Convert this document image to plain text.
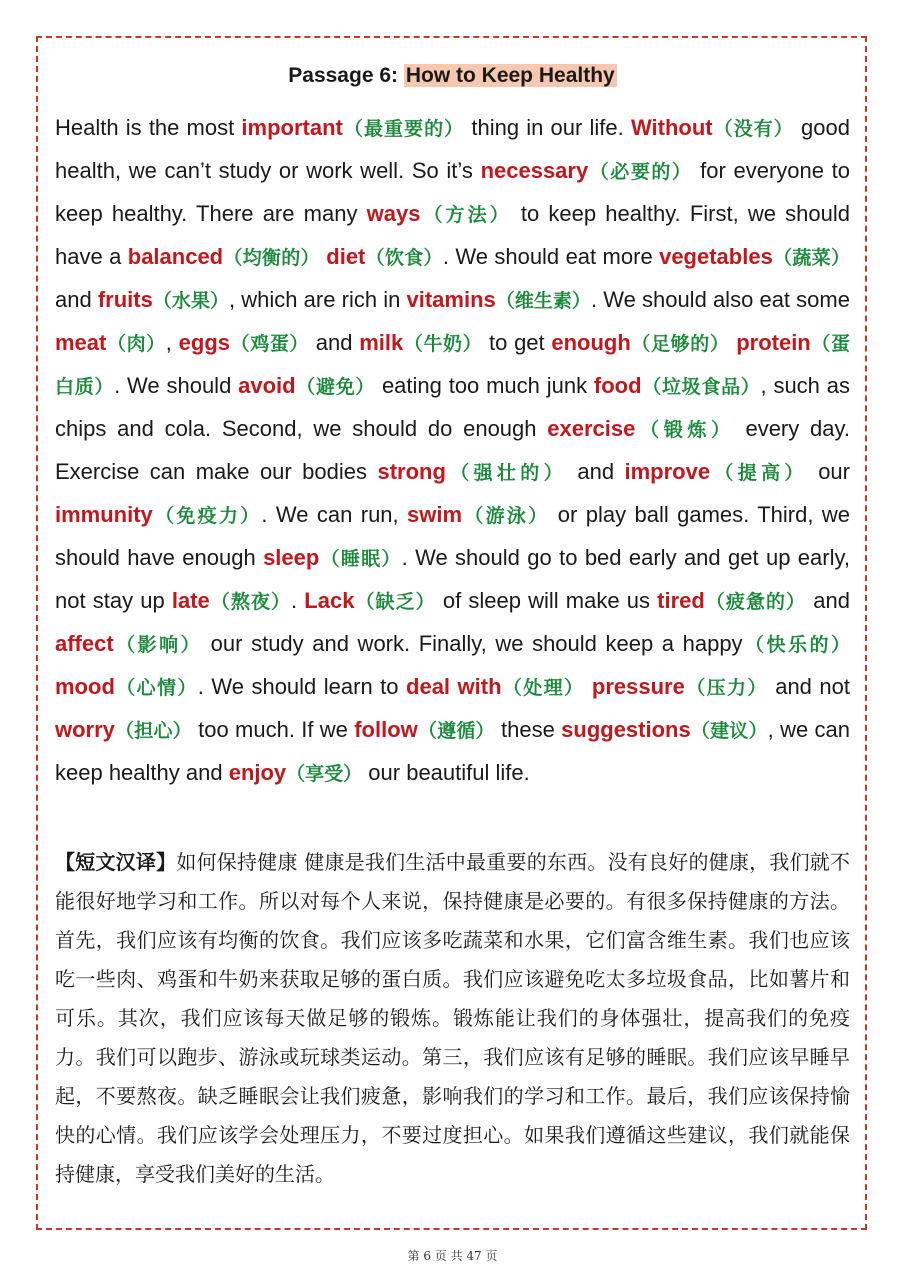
Passage 6: How to Keep Healthy

Health is the most important（最重要的） thing in our life. Without（没有） good health, we can’t study or work well. So it’s necessary（必要的） for everyone to keep healthy. There are many ways（方法） to keep healthy. First, we should have a balanced（均衡的） diet（饮食）. We should eat more vegetables（蔬菜） and fruits（水果）, which are rich in vitamins（维生素）. We should also eat some meat（肉）, eggs（鸡蛋） and milk（牛奶） to get enough（足够的） protein（蛋白质）. We should avoid（避免） eating too much junk food（垃圾食品）, such as chips and cola. Second, we should do enough exercise（锻炼） every day. Exercise can make our bodies strong（强壮的） and improve（提高） our immunity（免疫力）. We can run, swim（游泳） or play ball games. Third, we should have enough sleep（睡眠）. We should go to bed early and get up early, not stay up late（熬夜）. Lack（缺乏） of sleep will make us tired（疲惫的） and affect（影响） our study and work. Finally, we should keep a happy（快乐的） mood（心情）. We should learn to deal with（处理） pressure（压力） and not worry（担心） too much. If we follow（遵循） these suggestions（建议）, we can keep healthy and enjoy（享受） our beautiful life.

【短文汉译】如何保持健康 健康是我们生活中最重要的东西。没有良好的健康，我们就不能很好地学习和工作。所以对每个人来说，保持健康是必要的。有很多保持健康的方法。首先，我们应该有均衡的饮食。我们应该多吃蔬菜和水果，它们富含维生素。我们也应该吃一些肉、鸡蛋和牛奶来获取足够的蛋白质。我们应该避免吃太多垃圾食品，比如薯片和可乐。其次，我们应该每天做足够的锻炼。锻炼能让我们的身体强壮，提高我们的免疫力。我们可以跑步、游泳或玩球类运动。第三，我们应该有足够的睡眠。我们应该早睡早起，不要熬夜。缺乏睡眠会让我们疲惫，影响我们的学习和工作。最后，我们应该保持愉快的心情。我们应该学会处理压力，不要过度担心。如果我们遵循这些建议，我们就能保持健康，享受我们美好的生活。

第 6 页 共 47 页
